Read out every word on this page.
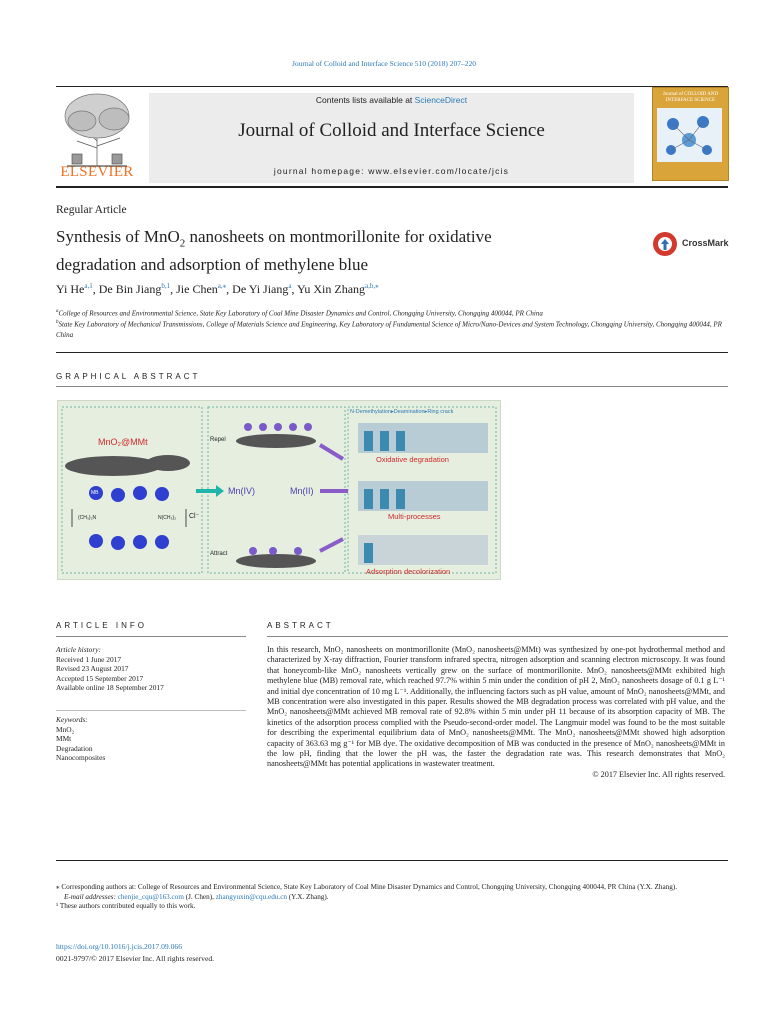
Journal of Colloid and Interface Science 510 (2018) 207–220
ELSEVIER
Contents lists available at ScienceDirect
Journal of Colloid and Interface Science
journal homepage: www.elsevier.com/locate/jcis
Journal of COLLOID AND INTERFACE SCIENCE
Regular Article
Synthesis of MnO$_2$ nanosheets on montmorillonite for oxidative
degradation and adsorption of methylene blue
CrossMark
Yi He$^{a,1}$, De Bin Jiang$^{b,1}$, Jie Chen$^{a,⁎}$, De Yi Jiang$^a$, Yu Xin Zhang$^{a,b,⁎}$
$^a$College of Resources and Environmental Science, State Key Laboratory of Coal Mine Disaster Dynamics and Control, Chongqing University, Chongqing 400044, PR China
$^b$State Key Laboratory of Mechanical Transmissions, College of Materials Science and Engineering, Key Laboratory of Fundamental Science of Micro/Nano-Devices and System Technology, Chongqing University, Chongqing 400044, PR China
GRAPHICAL ABSTRACT
MnO₂@MMt	Repel
Attract
Mn(IV)	Mn(II)
N-Demethylation▸Deamination▸Ring crack
Oxidative degradation
Multi-processes
Adsorption decolorization
(CH₃)₂N	N(CH₃)₂ Cl⁻
MB
ARTICLE INFO	ABSTRACT
Article history:
Received 1 June 2017
Revised 23 August 2017
Accepted 15 September 2017
Available online 18 September 2017
Keywords:
MnO₂
MMt
Degradation
Nanocomposites

In this research, MnO₂ nanosheets on montmorillonite (MnO₂ nanosheets@MMt) was synthesized by one-pot hydrothermal method and characterized by X-ray diffraction, Fourier transform infrared spectra, nitrogen adsorption and scanning electron microscopy. It was found that honeycomb-like MnO₂ nanosheets vertically grew on the surface of montmorillonite. MnO₂ nanosheets@MMt exhibited high methylene blue (MB) removal rate, which reached 97.7% within 5 min under the condition of pH 2, MnO₂ nanosheets dosage of 0.1 g L⁻¹ and initial dye concentration of 10 mg L⁻¹. Additionally, the influencing factors such as pH value, amount of MnO₂ nanosheets@MMt, and MB concentration were also investigated in this paper. Results showed the MB degradation process was correlated with pH value, and the MnO₂ nanosheets@MMt achieved MB removal rate of 92.8% within 5 min under pH 11 because of its absorption capacity of MB. The kinetics of the adsorption process complied with the Pseudo-second-order model. The Langmuir model was found to be the most suitable for describing the experimental equilibrium data of MnO₂ nanosheets@MMt. The MnO₂ nanosheets@MMt showed high adsorption capacity of 363.63 mg g⁻¹ for MB dye. The oxidative decomposition of MB was conducted in the presence of MnO₂ nanosheets@MMt in the low pH, finding that the lower the pH was, the faster the degradation rate was. This research demonstrates that MnO₂ nanosheets@MMt has potential applications in wastewater treatment.

© 2017 Elsevier Inc. All rights reserved.

⁎ Corresponding authors at: College of Resources and Environmental Science, State Key Laboratory of Coal Mine Disaster Dynamics and Control, Chongqing University, Chongqing 400044, PR China (Y.X. Zhang).
E-mail addresses: chenjie_cqu@163.com (J. Chen), zhangyuxin@cqu.edu.cn (Y.X. Zhang).
¹ These authors contributed equally to this work.
https://doi.org/10.1016/j.jcis.2017.09.066
0021-9797/© 2017 Elsevier Inc. All rights reserved.
